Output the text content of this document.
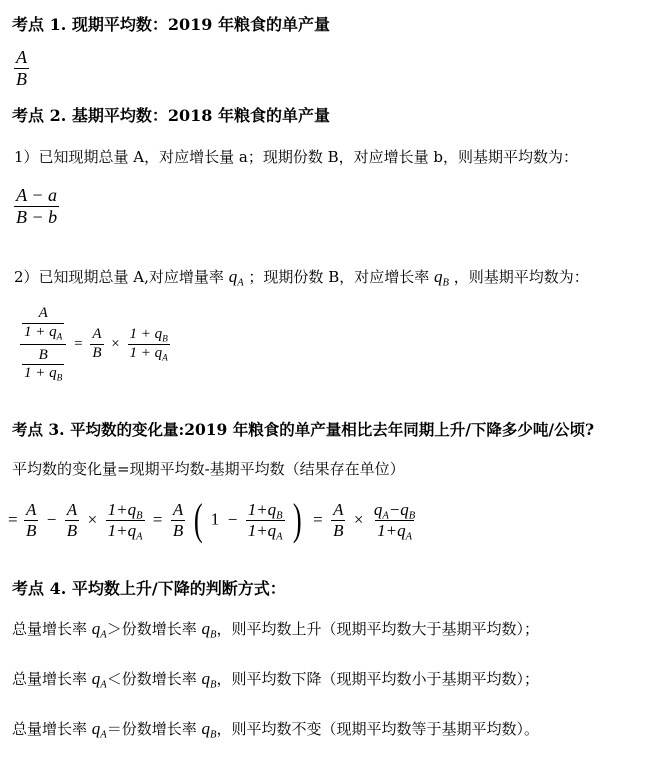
考点 1. 现期平均数：2019 年粮食的单产量
$\frac{A}{B}$
考点 2. 基期平均数：2018 年粮食的单产量
1）已知现期总量 A，对应增长量 a；现期份数 B，对应增长量 b，则基期平均数为：
$\frac{A - a}{B - b}$
2）已知现期总量 A,对应增量率 $q_A$ ；现期份数 B，对应增长率 $q_B$ ，则基期平均数为：
$\frac{\frac{A}{1 + q_A}}{\frac{B}{1 + q_B}} = \frac{A}{B} \times \frac{1 + q_B}{1 + q_A}$
考点 3. 平均数的变化量:2019 年粮食的单产量相比去年同期上升/下降多少吨/公顷?
平均数的变化量=现期平均数-基期平均数（结果存在单位）
= $\frac{A}{B} - \frac{A}{B} \times \frac{1+q_B}{1+q_A} = \frac{A}{B}$ ( $1 - \frac{1+q_B}{1+q_A}$ ) = $\frac{A}{B} \times \frac{q_A-q_B}{1+q_A}$
考点 4. 平均数上升/下降的判断方式：
总量增长率 $q_A>$份数增长率 $q_B$，则平均数上升（现期平均数大于基期平均数）；
总量增长率 $q_A<$份数增长率 $q_B$，则平均数下降（现期平均数小于基期平均数）；
总量增长率 $q_A=$份数增长率 $q_B$，则平均数不变（现期平均数等于基期平均数）。
